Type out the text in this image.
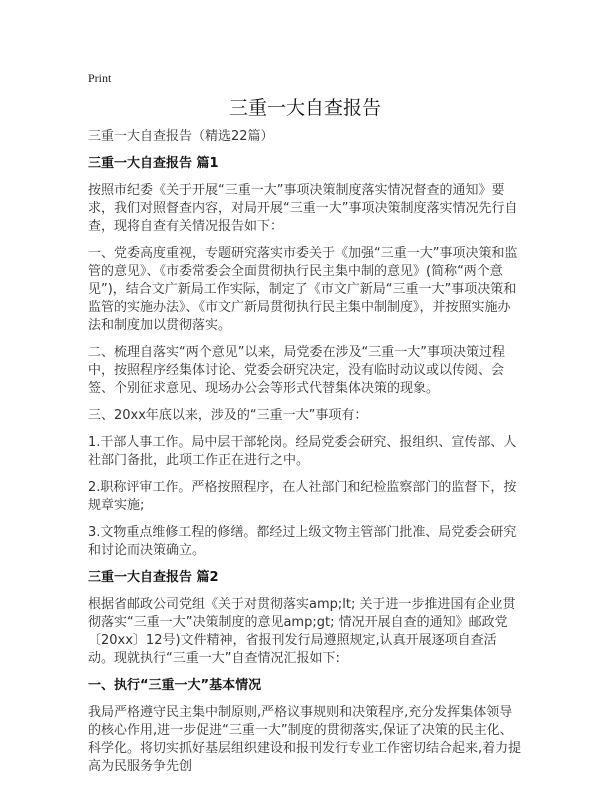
Print
三重一大自查报告
三重一大自查报告（精选22篇）
三重一大自查报告 篇1
按照市纪委《关于开展“三重一大”事项决策制度落实情况督查的通知》要求，我们对照督查内容，对局开展“三重一大”事项决策制度落实情况先行自查，现将自查有关情况报告如下：
一、党委高度重视，专题研究落实市委关于《加强“三重一大”事项决策和监管的意见》、《市委常委会全面贯彻执行民主集中制的意见》(简称“两个意见”)，结合文广新局工作实际，制定了《市文广新局“三重一大”事项决策和监管的实施办法》、《市文广新局贯彻执行民主集中制制度》，并按照实施办法和制度加以贯彻落实。
二、梳理自落实“两个意见”以来，局党委在涉及“三重一大”事项决策过程中，按照程序经集体讨论、党委会研究决定，没有临时动议或以传阅、会签、个别征求意见、现场办公会等形式代替集体决策的现象。
三、20xx年底以来，涉及的“三重一大”事项有：
1.干部人事工作。局中层干部轮岗。经局党委会研究、报组织、宣传部、人社部门备批，此项工作正在进行之中。
2.职称评审工作。严格按照程序，在人社部门和纪检监察部门的监督下，按规章实施;
3.文物重点维修工程的修缮。都经过上级文物主管部门批准、局党委会研究和讨论而决策确立。
三重一大自查报告 篇2
根据省邮政公司党组《关于对贯彻落实amp;lt; 关于进一步推进国有企业贯彻落实“三重一大”决策制度的意见amp;gt; 情况开展自查的通知》邮政党〔20xx〕12号)文件精神，省报刊发行局遵照规定,认真开展逐项自查活动。现就执行“三重一大”自查情况汇报如下:
一、执行“三重一大”基本情况
我局严格遵守民主集中制原则,严格议事规则和决策程序,充分发挥集体领导的核心作用,进一步促进“三重一大”制度的贯彻落实,保证了决策的民主化、科学化。将切实抓好基层组织建设和报刊发行专业工作密切结合起来,着力提高为民服务争先创
